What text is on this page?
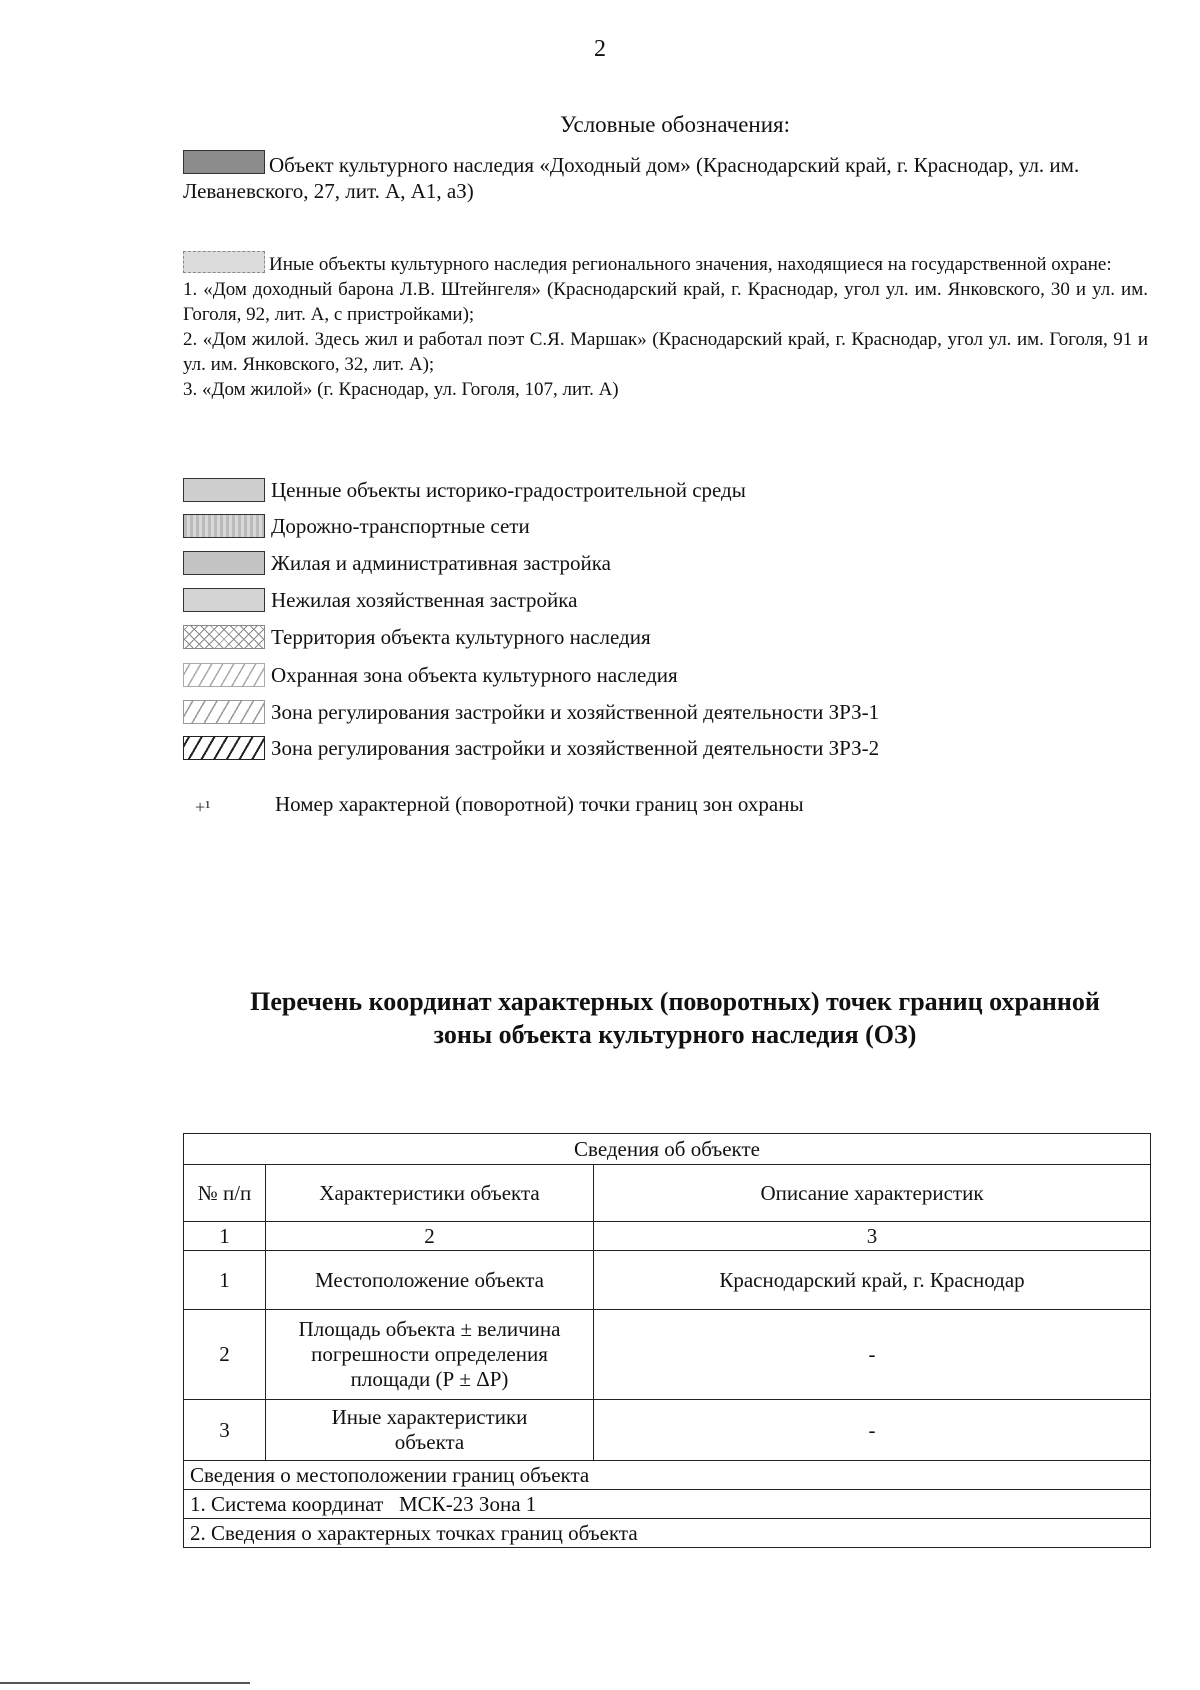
2
Условные обозначения:
Объект культурного наследия «Доходный дом» (Краснодарский край, г. Краснодар, ул. им. Леваневского, 27, лит. А, А1, аЗ)

Иные объекты культурного наследия регионального значения, находящиеся на государственной охране:

1. «Дом доходный барона Л.В. Штейнгеля» (Краснодарский край, г. Краснодар, угол ул. им. Янковского, 30 и ул. им. Гоголя, 92, лит. А, с пристройками);

2. «Дом жилой. Здесь жил и работал поэт С.Я. Маршак» (Краснодарский край, г. Краснодар, угол ул. им. Гоголя, 91 и ул. им. Янковского, 32, лит. А);

3. «Дом жилой» (г. Краснодар, ул. Гоголя, 107, лит. А)

Ценные объекты историко-градостроительной среды
Дорожно-транспортные сети
Жилая и административная застройка
Нежилая хозяйственная застройка
Территория объекта культурного наследия
Охранная зона объекта культурного наследия
Зона регулирования застройки и хозяйственной деятельности ЗРЗ-1
Зона регулирования застройки и хозяйственной деятельности ЗРЗ-2
+¹	Номер характерной (поворотной) точки границ зон охраны
Перечень координат характерных (поворотных) точек границ охранной
зоны объекта культурного наследия (ОЗ)
Сведения об объекте		
№ п/п	Характеристики объекта	Описание характеристик
1	2	3
1	Местоположение объекта	Краснодарский край, г. Краснодар
2	Площадь объекта ± величина погрешности определения площади (Р ± ΔР)	-
3	Иные характеристики объекта	-
Сведения о местоположении границ объекта		
1. Система координат   МСК-23 Зона 1		
2. Сведения о характерных точках границ объекта		
